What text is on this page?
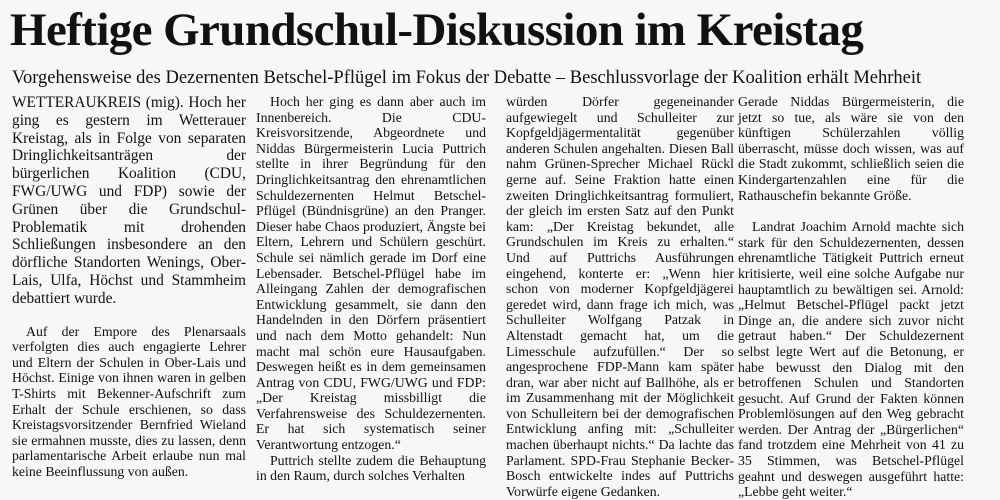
Heftige Grundschul-Diskussion im Kreistag
Vorgehensweise des Dezernenten Betschel-Pflügel im Fokus der Debatte – Beschlussvorlage der Koalition erhält Mehrheit

WETTERAUKREIS (mig). Hoch her ging es gestern im Wetterauer Kreistag, als in Folge von separaten Dringlichkeitsanträgen der bürgerlichen Koalition (CDU, FWG/UWG und FDP) sowie der Grünen über die Grundschul-Problematik mit drohenden Schließungen insbesondere an den dörfliche Standorten Wenings, Ober-Lais, Ulfa, Höchst und Stammheim debattiert wurde.

Auf der Empore des Plenarsaals verfolgten dies auch engagierte Lehrer und Eltern der Schulen in Ober-Lais und Höchst. Einige von ihnen waren in gelben T-Shirts mit Bekenner-Aufschrift zum Erhalt der Schule erschienen, so dass Kreistagsvorsitzender Bernfried Wieland sie ermahnen musste, dies zu lassen, denn parlamentarische Arbeit erlaube nun mal keine Beeinflussung von außen.

Hoch her ging es dann aber auch im Innenbereich. Die CDU-Kreisvorsitzende, Abgeordnete und Niddas Bürgermeisterin Lucia Puttrich stellte in ihrer Begründung für den Dringlichkeitsantrag den ehrenamtlichen Schuldezernenten Helmut Betschel-Pflügel (Bündnisgrüne) an den Pranger. Dieser habe Chaos produziert, Ängste bei Eltern, Lehrern und Schülern geschürt. Schule sei nämlich gerade im Dorf eine Lebensader. Betschel-Pflügel habe im Alleingang Zahlen der demografischen Entwicklung gesammelt, sie dann den Handelnden in den Dörfern präsentiert und nach dem Motto gehandelt: Nun macht mal schön eure Hausaufgaben. Deswegen heißt es in dem gemeinsamen Antrag von CDU, FWG/UWG und FDP: „Der Kreistag missbilligt die Verfahrensweise des Schuldezernenten. Er hat sich systematisch seiner Verantwortung entzogen.“

Puttrich stellte zudem die Behauptung in den Raum, durch solches Verhalten

würden Dörfer gegeneinander aufgewiegelt und Schulleiter zur Kopfgeldjägermentalität gegenüber anderen Schulen angehalten. Diesen Ball nahm Grünen-Sprecher Michael Rückl gerne auf. Seine Fraktion hatte einen zweiten Dringlichkeitsantrag formuliert, der gleich im ersten Satz auf den Punkt kam: „Der Kreistag bekundet, alle Grundschulen im Kreis zu erhalten.“ Und auf Puttrichs Ausführungen eingehend, konterte er: „Wenn hier schon von moderner Kopfgeldjägerei geredet wird, dann frage ich mich, was Schulleiter Wolfgang Patzak in Altenstadt gemacht hat, um die Limesschule aufzufüllen.“ Der so angesprochene FDP-Mann kam später dran, war aber nicht auf Ballhöhe, als er im Zusammenhang mit der Möglichkeit von Schulleitern bei der demografischen Entwicklung anfing mit: „Schulleiter machen überhaupt nichts.“ Da lachte das Parlament. SPD-Frau Stephanie Becker-Bosch entwickelte indes auf Puttrichs Vorwürfe eigene Gedanken.

Gerade Niddas Bürgermeisterin, die jetzt so tue, als wäre sie von den künftigen Schülerzahlen völlig überrascht, müsse doch wissen, was auf die Stadt zukommt, schließlich seien die Kindergartenzahlen eine für die Rathauschefin bekannte Größe.

Landrat Joachim Arnold machte sich stark für den Schuldezernenten, dessen ehrenamtliche Tätigkeit Puttrich erneut kritisierte, weil eine solche Aufgabe nur hauptamtlich zu bewältigen sei. Arnold: „Helmut Betschel-Pflügel packt jetzt Dinge an, die andere sich zuvor nicht getraut haben.“ Der Schuldezernent selbst legte Wert auf die Betonung, er habe bewusst den Dialog mit den betroffenen Schulen und Standorten gesucht. Auf Grund der Fakten können Problemlösungen auf den Weg gebracht werden. Der Antrag der „Bürgerlichen“ fand trotzdem eine Mehrheit von 41 zu 35 Stimmen, was Betschel-Pflügel geahnt und deswegen ausgeführt hatte: „Lebbe geht weiter.“
